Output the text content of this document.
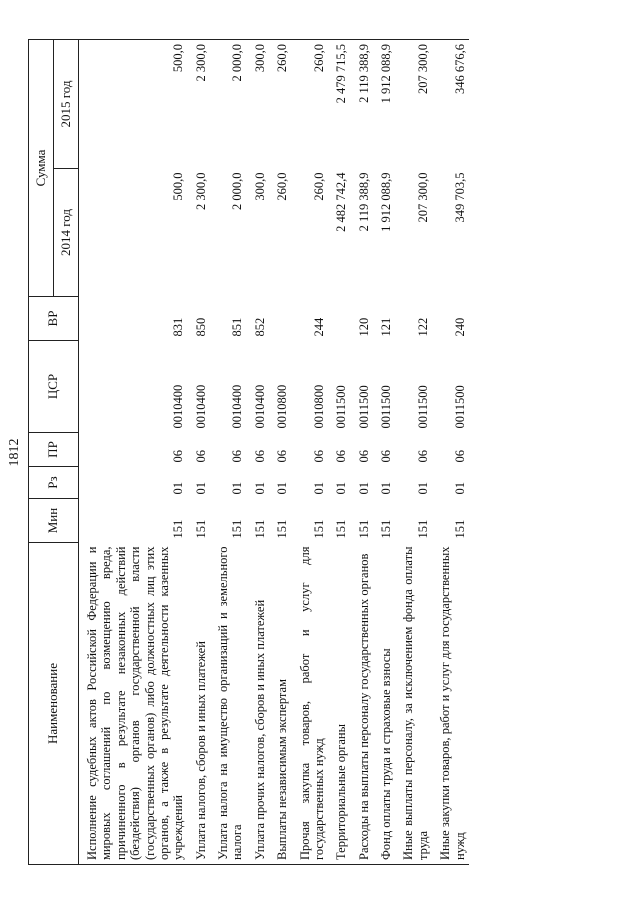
1812
Наименование	Мин	Рз	ПР	ЦСР	ВР	Сумма	
						2014 год	2015 год
Исполнение судебных актов Российской Федерации и мировых соглашений по возмещению вреда, причиненного в результате незаконных действий (бездействия) органов государственной власти (государственных органов) либо должностных лиц этих органов, а также в результате деятельности казенных учреждений	151	01	06	0010400	831	500,0	500,0
Уплата налогов, сборов и иных платежей	151	01	06	0010400	850	2 300,0	2 300,0
Уплата налога на имущество организаций и земельного налога	151	01	06	0010400	851	2 000,0	2 000,0
Уплата прочих налогов, сборов и иных платежей	151	01	06	0010400	852	300,0	300,0
Выплаты независимым экспертам	151	01	06	0010800		260,0	260,0
Прочая закупка товаров, работ и услуг для государственных нужд	151	01	06	0010800	244	260,0	260,0
Территориальные органы	151	01	06	0011500		2 482 742,4	2 479 715,5
Расходы на выплаты персоналу государственных органов	151	01	06	0011500	120	2 119 388,9	2 119 388,9
Фонд оплаты труда и страховые взносы	151	01	06	0011500	121	1 912 088,9	1 912 088,9
Иные выплаты персоналу, за исключением фонда оплаты труда	151	01	06	0011500	122	207 300,0	207 300,0
Иные закупки товаров, работ и услуг для государственных нужд	151	01	06	0011500	240	349 703,5	346 676,6
